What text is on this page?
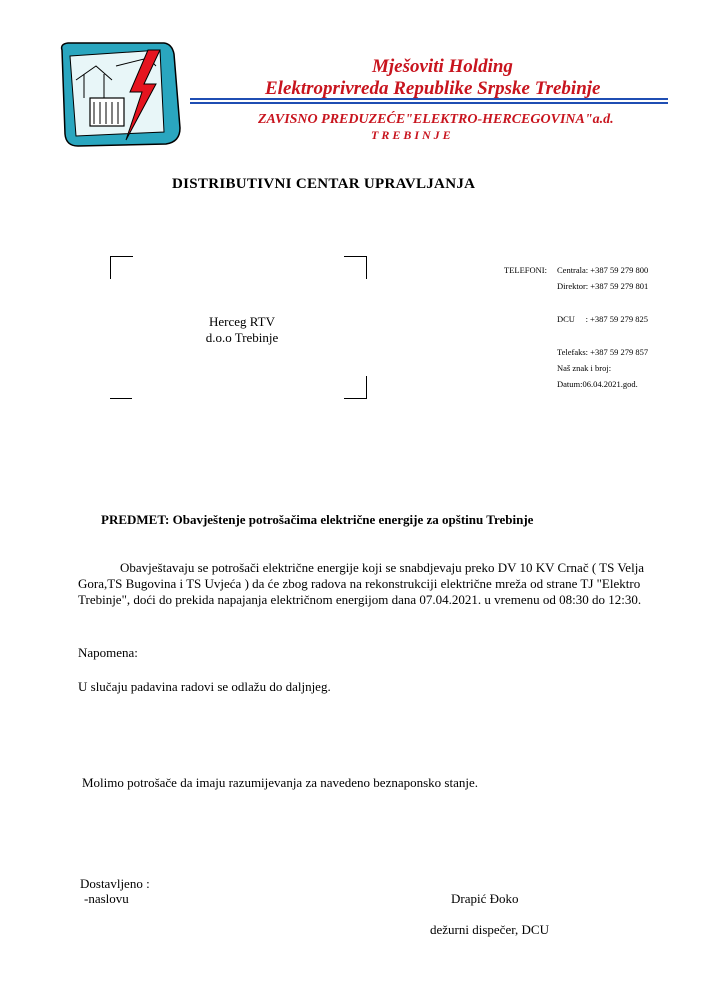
Mješoviti Holding
Elektroprivreda Republike Srpske Trebinje
ZAVISNO PREDUZEĆE"ELEKTRO-HERCEGOVINA"a.d.
TREBINJE
DISTRIBUTIVNI CENTAR UPRAVLJANJA
Herceg RTV
d.o.o Trebinje
TELEFONI: Centrala: +387 59 279 800
Direktor: +387 59 279 801
DCU     : +387 59 279 825
Telefaks: +387 59 279 857
Naš znak i broj:
Datum:06.04.2021.god.
PREDMET: Obavještenje potrošačima električne energije za opštinu Trebinje
Obavještavaju se potrošači električne energije koji se snabdjevaju preko DV 10 KV Crnač ( TS Velja Gora,TS Bugovina i TS Uvjeća ) da će zbog radova na rekonstrukciji električne mreža od strane TJ "Elektro Trebinje", doći do prekida napajanja električnom energijom dana 07.04.2021. u vremenu od 08:30 do 12:30.
Napomena:
U slučaju padavina radovi se odlažu do daljnjeg.
Molimo potrošače da imaju razumijevanja za navedeno beznaponsko stanje.
Dostavljeno :
-naslovu	Drapić Đoko
dežurni dispečer, DCU
